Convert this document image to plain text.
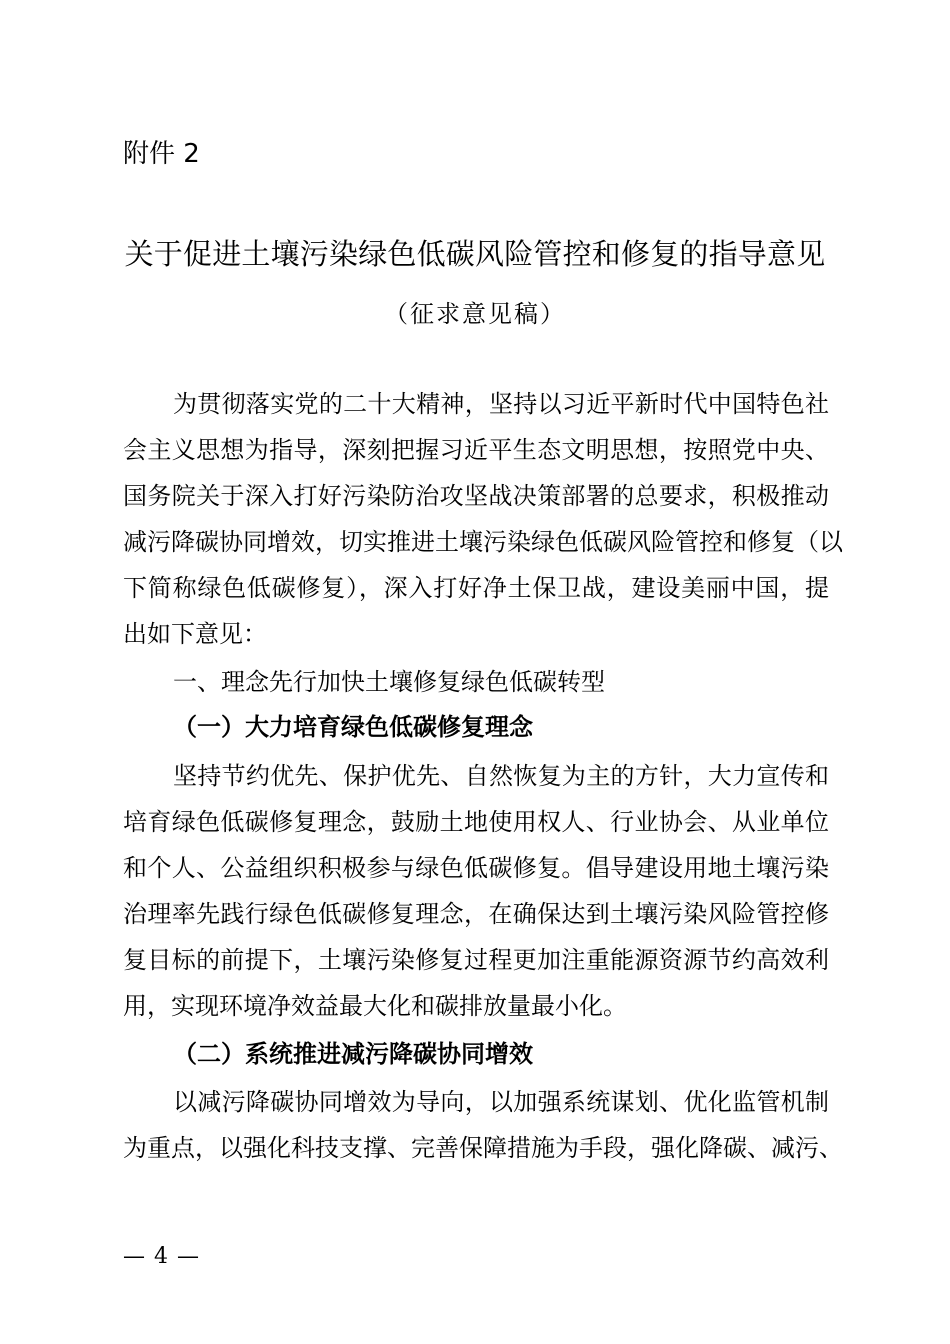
附件 2
关于促进土壤污染绿色低碳风险管控和修复的指导意见
（征求意见稿）
为贯彻落实党的二十大精神，坚持以习近平新时代中国特色社
会主义思想为指导，深刻把握习近平生态文明思想，按照党中央、
国务院关于深入打好污染防治攻坚战决策部署的总要求，积极推动
减污降碳协同增效，切实推进土壤污染绿色低碳风险管控和修复（以
下简称绿色低碳修复），深入打好净土保卫战，建设美丽中国，提
出如下意见：
一、理念先行加快土壤修复绿色低碳转型
（一）大力培育绿色低碳修复理念
坚持节约优先、保护优先、自然恢复为主的方针，大力宣传和
培育绿色低碳修复理念，鼓励土地使用权人、行业协会、从业单位
和个人、公益组织积极参与绿色低碳修复。倡导建设用地土壤污染
治理率先践行绿色低碳修复理念，在确保达到土壤污染风险管控修
复目标的前提下，土壤污染修复过程更加注重能源资源节约高效利
用，实现环境净效益最大化和碳排放量最小化。
（二）系统推进减污降碳协同增效
以减污降碳协同增效为导向，以加强系统谋划、优化监管机制
为重点，以强化科技支撑、完善保障措施为手段，强化降碳、减污、
— 4 —
